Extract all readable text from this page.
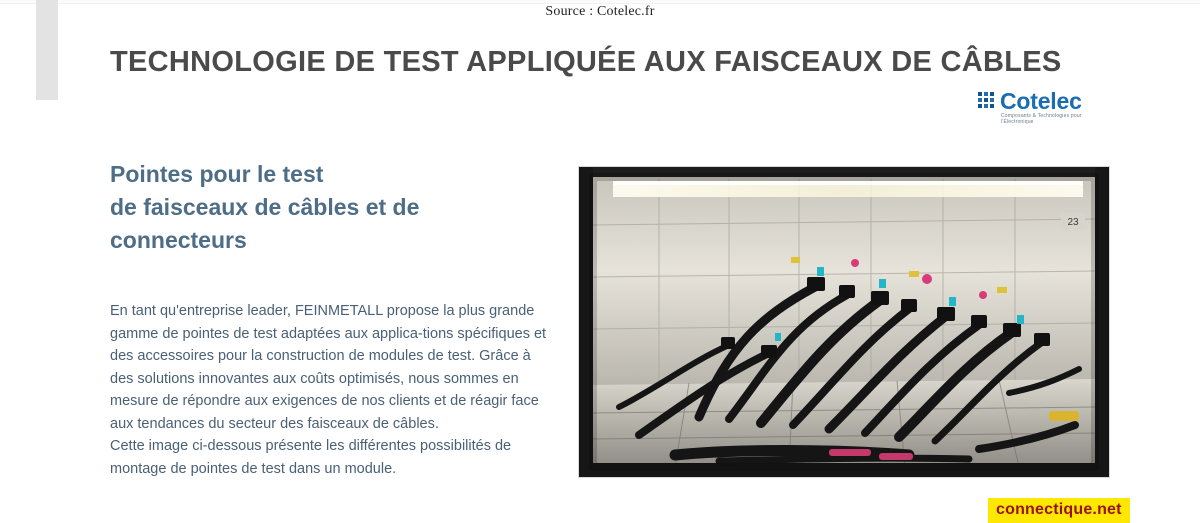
Source : Cotelec.fr
TECHNOLOGIE DE TEST APPLIQUÉE AUX FAISCEAUX DE CÂBLES
Cotelec
Composants & Technologies pour l'Électronique
Pointes pour le test
de faisceaux de câbles et de
connecteurs

En tant qu'entreprise leader, FEINMETALL propose la plus grande gamme de pointes de test adaptées aux applica-tions spécifiques et des accessoires pour la construction de modules de test. Grâce à des solutions innovantes aux coûts optimisés, nous sommes en mesure de répondre aux exigences de nos clients et de réagir face aux tendances du secteur des faisceaux de câbles.

Cette image ci-dessous présente les différentes possibilités de montage de pointes de test dans un module.

23
connectique.net
